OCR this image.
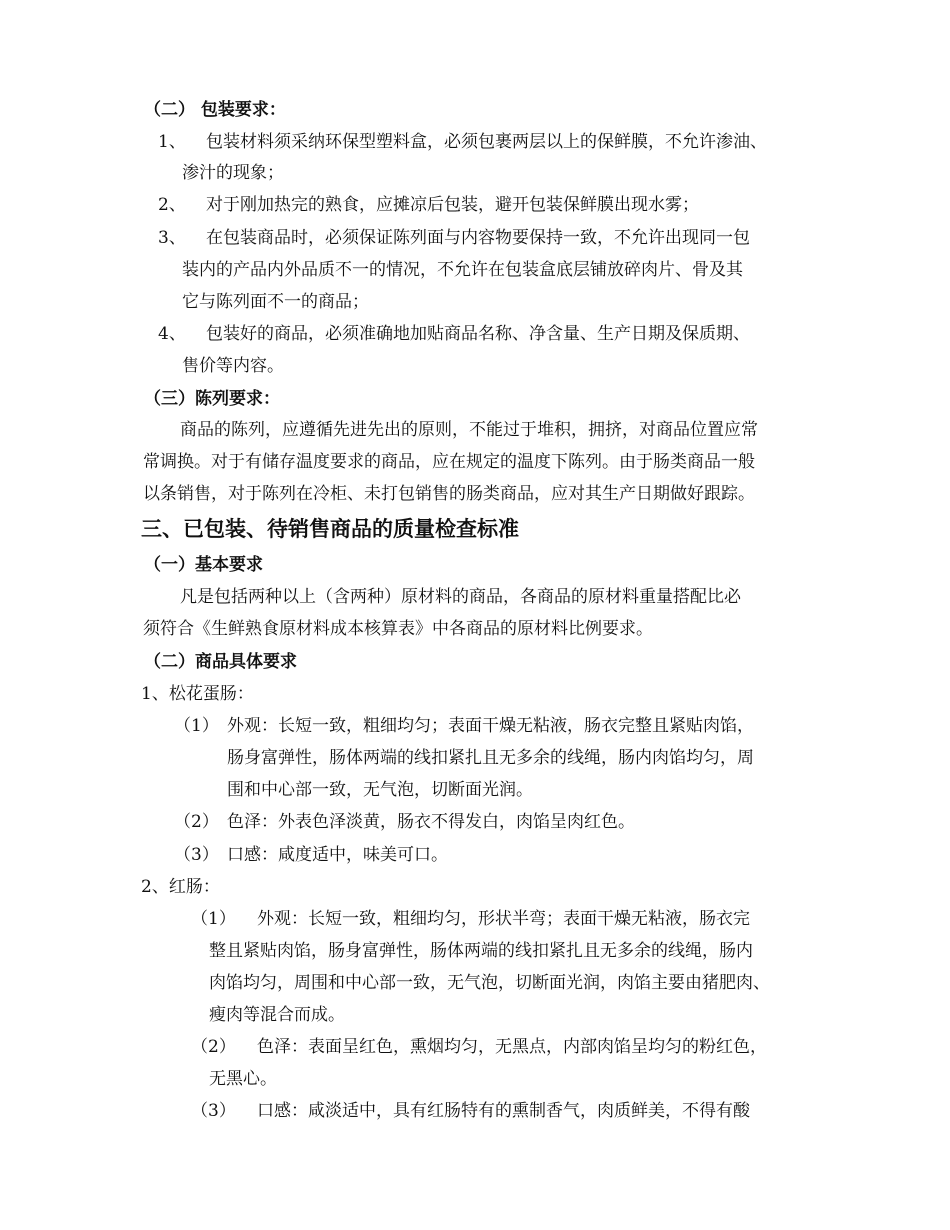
（二） 包装要求：
1、 包装材料须采纳环保型塑料盒，必须包裹两层以上的保鲜膜，不允许渗油、
渗汁的现象；
2、 对于刚加热完的熟食，应摊凉后包装，避开包装保鲜膜出现水雾；
3、 在包装商品时，必须保证陈列面与内容物要保持一致，不允许出现同一包
装内的产品内外品质不一的情况，不允许在包装盒底层铺放碎肉片、骨及其
它与陈列面不一的商品；
4、 包装好的商品，必须准确地加贴商品名称、净含量、生产日期及保质期、
售价等内容。
（三）陈列要求：
商品的陈列，应遵循先进先出的原则，不能过于堆积，拥挤，对商品位置应常
常调换。对于有储存温度要求的商品，应在规定的温度下陈列。由于肠类商品一般
以条销售，对于陈列在冷柜、未打包销售的肠类商品，应对其生产日期做好跟踪。
三、已包装、待销售商品的质量检查标准
（一）基本要求
凡是包括两种以上（含两种）原材料的商品，各商品的原材料重量搭配比必
须符合《生鲜熟食原材料成本核算表》中各商品的原材料比例要求。
（二）商品具体要求
1、松花蛋肠：
（1） 外观：长短一致，粗细均匀；表面干燥无粘液，肠衣完整且紧贴肉馅，
肠身富弹性，肠体两端的线扣紧扎且无多余的线绳，肠内肉馅均匀，周
围和中心部一致，无气泡，切断面光润。
（2） 色泽：外表色泽淡黄，肠衣不得发白，肉馅呈肉红色。
（3） 口感：咸度适中，味美可口。
2、红肠：
（1） 外观：长短一致，粗细均匀，形状半弯；表面干燥无粘液，肠衣完
整且紧贴肉馅，肠身富弹性，肠体两端的线扣紧扎且无多余的线绳，肠内
肉馅均匀，周围和中心部一致，无气泡，切断面光润，肉馅主要由猪肥肉、
瘦肉等混合而成。
（2） 色泽：表面呈红色，熏烟均匀，无黑点，内部肉馅呈均匀的粉红色，
无黑心。
（3） 口感：咸淡适中，具有红肠特有的熏制香气，肉质鲜美，不得有酸
